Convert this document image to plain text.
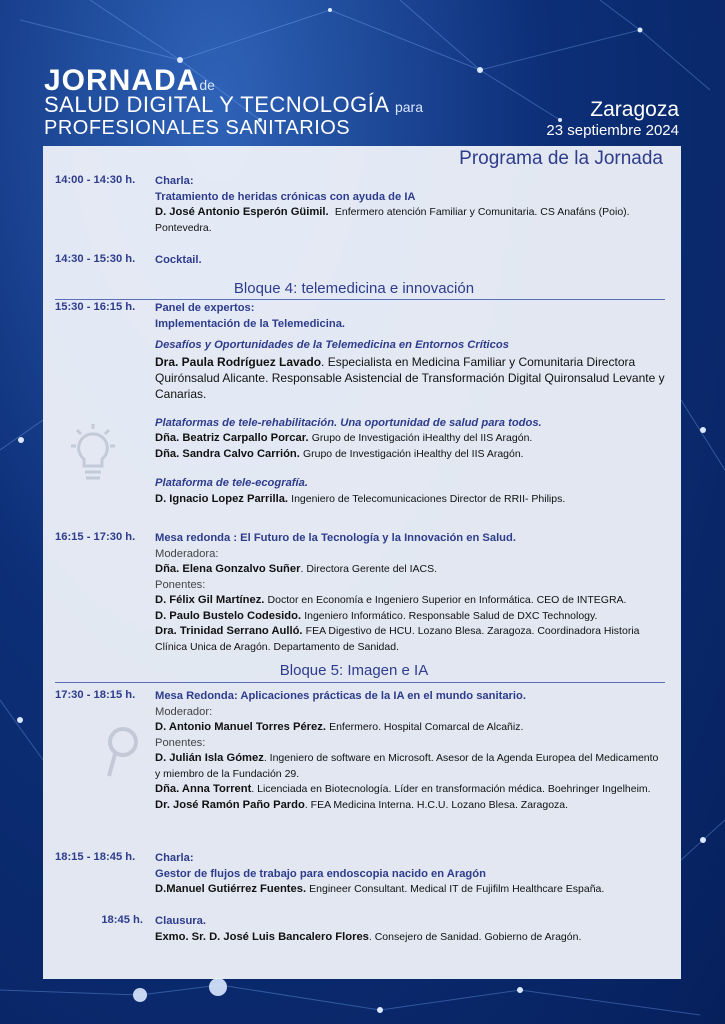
JORNADAde
SALUD DIGITAL Y TECNOLOGÍA para
PROFESIONALES SANITARIOS
Zaragoza
23 septiembre 2024
Programa de la Jornada
14:00 - 14:30 h.	Charla:
Tratamiento de heridas crónicas con ayuda de IA
D. José Antonio Esperón Güimil. Enfermero atención Familiar y Comunitaria. CS Anafáns (Poio). Pontevedra.
14:30 - 15:30 h.	Cocktail.
Bloque 4: telemedicina e innovación
15:30 - 16:15 h.	Panel de expertos:
Implementación de la Telemedicina.
Desafíos y Oportunidades de la Telemedicina en Entornos Críticos
Dra. Paula Rodríguez Lavado. Especialista en Medicina Familiar y Comunitaria Directora Quirónsalud Alicante. Responsable Asistencial de Transformación Digital Quironsalud Levante y Canarias.
Plataformas de tele-rehabilitación. Una oportunidad de salud para todos.
Dña. Beatriz Carpallo Porcar. Grupo de Investigación iHealthy del IIS Aragón.
Dña. Sandra Calvo Carrión. Grupo de Investigación iHealthy del IIS Aragón.
Plataforma de tele-ecografía.
D. Ignacio Lopez Parrilla. Ingeniero de Telecomunicaciones Director de RRII- Philips.
16:15 - 17:30 h.	Mesa redonda : El Futuro de la Tecnología y la Innovación en Salud.
Moderadora:
Dña. Elena Gonzalvo Suñer. Directora Gerente del IACS.
Ponentes:
D. Félix Gil Martínez. Doctor en Economía e Ingeniero Superior en Informática. CEO de INTEGRA.
D. Paulo Bustelo Codesido. Ingeniero Informático. Responsable Salud de DXC Technology.
Dra. Trinidad Serrano Aulló. FEA Digestivo de HCU. Lozano Blesa. Zaragoza. Coordinadora Historia Clínica Unica de Aragón. Departamento de Sanidad.
Bloque 5: Imagen e IA
17:30 - 18:15 h.	Mesa Redonda: Aplicaciones prácticas de la IA en el mundo sanitario.
Moderador:
D. Antonio Manuel Torres Pérez. Enfermero. Hospital Comarcal de Alcañiz.
Ponentes:
D. Julián Isla Gómez. Ingeniero de software en Microsoft. Asesor de la Agenda Europea del Medicamento y miembro de la Fundación 29.
Dña. Anna Torrent. Licenciada en Biotecnología. Líder en transformación médica. Boehringer Ingelheim.
Dr. José Ramón Paño Pardo. FEA Medicina Interna. H.C.U. Lozano Blesa. Zaragoza.
18:15 - 18:45 h.	Charla:
Gestor de flujos de trabajo para endoscopia nacido en Aragón
D.Manuel Gutiérrez Fuentes. Engineer Consultant. Medical IT de Fujifilm Healthcare España.
18:45 h. Clausura.
Exmo. Sr. D. José Luis Bancalero Flores. Consejero de Sanidad. Gobierno de Aragón.
